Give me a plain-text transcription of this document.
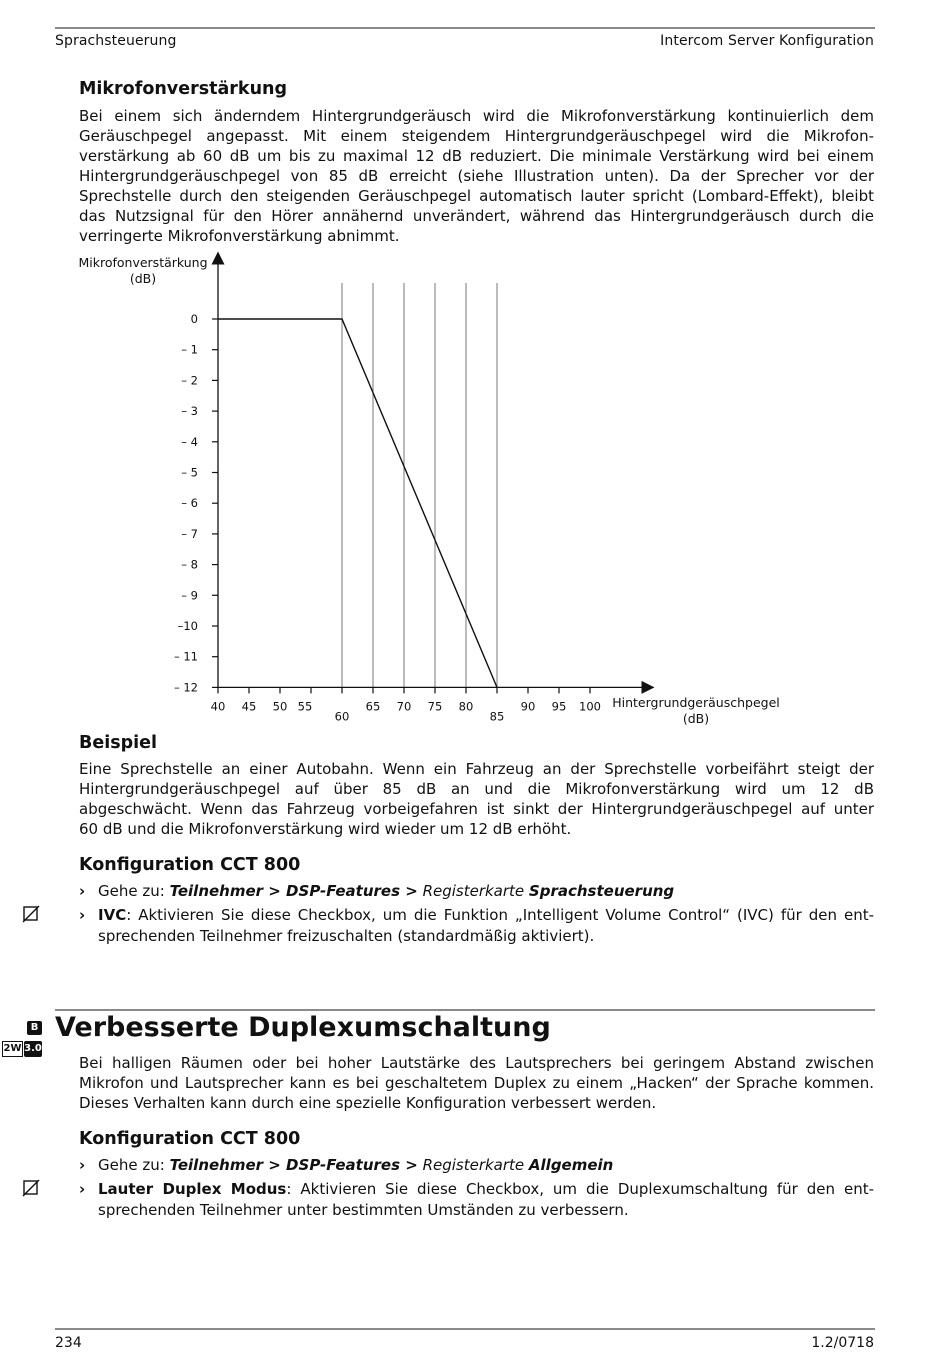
Sprachsteuerung	Intercom Server Konfiguration
Mikrofonverstärkung
Bei einem sich änderndem Hintergrundgeräusch wird die Mikrofonverstärkung kontinuierlich dem
Geräuschpegel angepasst. Mit einem steigendem Hintergrundgeräuschpegel wird die Mikrofon-
verstärkung ab 60 dB um bis zu maximal 12 dB reduziert. Die minimale Verstärkung wird bei einem
Hintergrundgeräuschpegel von 85 dB erreicht (siehe Illustration unten). Da der Sprecher vor der
Sprechstelle durch den steigenden Geräuschpegel automatisch lauter spricht (Lombard-Effekt), bleibt
das Nutzsignal für den Hörer annähernd unverändert, während das Hintergrundgeräusch durch die
verringerte Mikrofonverstärkung abnimmt.
Mikrofonverstärkung
(dB)
Hintergrundgeräuschpegel
(dB)
0
– 1
– 2
– 3
– 4
– 5
– 6
– 7
– 8
– 9
–10
– 11
– 12
40 45 50 55
60
65 70 75 80
85
90 95 100
Beispiel
Eine Sprechstelle an einer Autobahn. Wenn ein Fahrzeug an der Sprechstelle vorbeifährt steigt der
Hintergrundgeräuschpegel auf über 85 dB an und die Mikrofonverstärkung wird um 12 dB
abgeschwächt. Wenn das Fahrzeug vorbeigefahren ist sinkt der Hintergrundgeräuschpegel auf unter
60 dB und die Mikrofonverstärkung wird wieder um 12 dB erhöht.
Konfiguration CCT 800
› Gehe zu: Teilnehmer > DSP-Features > Registerkarte Sprachsteuerung
› IVC: Aktivieren Sie diese Checkbox, um die Funktion „Intelligent Volume Control“ (IVC) für den ent-
sprechenden Teilnehmer freizuschalten (standardmäßig aktiviert).
B
2W 3.0
Verbesserte Duplexumschaltung
Bei halligen Räumen oder bei hoher Lautstärke des Lautsprechers bei geringem Abstand zwischen
Mikrofon und Lautsprecher kann es bei geschaltetem Duplex zu einem „Hacken“ der Sprache kommen.
Dieses Verhalten kann durch eine spezielle Konfiguration verbessert werden.
Konfiguration CCT 800
› Gehe zu: Teilnehmer > DSP-Features > Registerkarte Allgemein
› Lauter Duplex Modus: Aktivieren Sie diese Checkbox, um die Duplexumschaltung für den ent-
sprechenden Teilnehmer unter bestimmten Umständen zu verbessern.
234	1.2/0718
